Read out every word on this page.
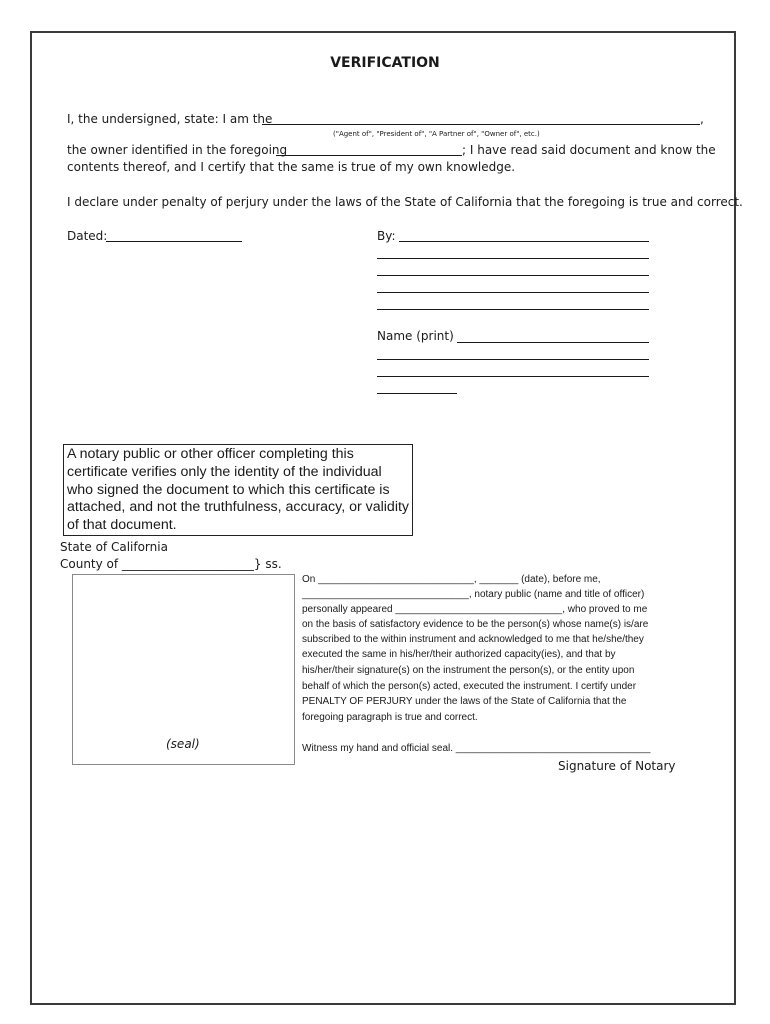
VERIFICATION
I, the undersigned, state: I am the	,
("Agent of", "President of", "A Partner of", "Owner of", etc.)
the owner identified in the foregoing	; I have read said document and know the
contents thereof, and I certify that the same is true of my own knowledge.
I declare under penalty of perjury under the laws of the State of California that the foregoing is true and correct.
Dated:	By:
Name (print)
A notary public or other officer completing this certificate verifies only the identity of the individual who signed the document to which this certificate is attached, and not the truthfulness, accuracy, or validity of that document.
State of California
County of ______________________} ss.
(seal)
On ____________________________, _______ (date), before me,
______________________________, notary public (name and title of officer)
personally appeared ______________________________, who proved to me
on the basis of satisfactory evidence to be the person(s) whose name(s) is/are
subscribed to the within instrument and acknowledged to me that he/she/they
executed the same in his/her/their authorized capacity(ies), and that by
his/her/their signature(s) on the instrument the person(s), or the entity upon
behalf of which the person(s) acted, executed the instrument. I certify under
PENALTY OF PERJURY under the laws of the State of California that the
foregoing paragraph is true and correct.
Witness my hand and official seal. ___________________________________
Signature of Notary
